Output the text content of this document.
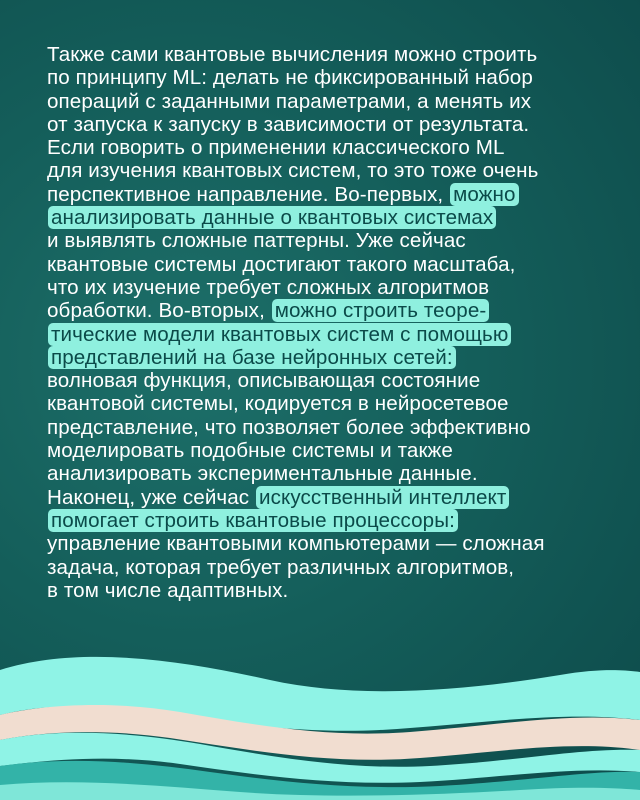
Также сами квантовые вычисления можно строить
по принципу ML: делать не фиксированный набор
операций с заданными параметрами, а менять их
от запуска к запуску в зависимости от результата.
Если говорить о применении классического ML
для изучения квантовых систем, то это тоже очень
перспективное направление. Во-первых, можно
анализировать данные о квантовых системах
и выявлять сложные паттерны. Уже сейчас
квантовые системы достигают такого масштаба,
что их изучение требует сложных алгоритмов
обработки. Во-вторых, можно строить теоре-
тические модели квантовых систем с помощью
представлений на базе нейронных сетей:
волновая функция, описывающая состояние
квантовой системы, кодируется в нейросетевое
представление, что позволяет более эффективно
моделировать подобные системы и также
анализировать экспериментальные данные.
Наконец, уже сейчас искусственный интеллект
помогает строить квантовые процессоры:
управление квантовыми компьютерами — сложная
задача, которая требует различных алгоритмов,
в том числе адаптивных.
